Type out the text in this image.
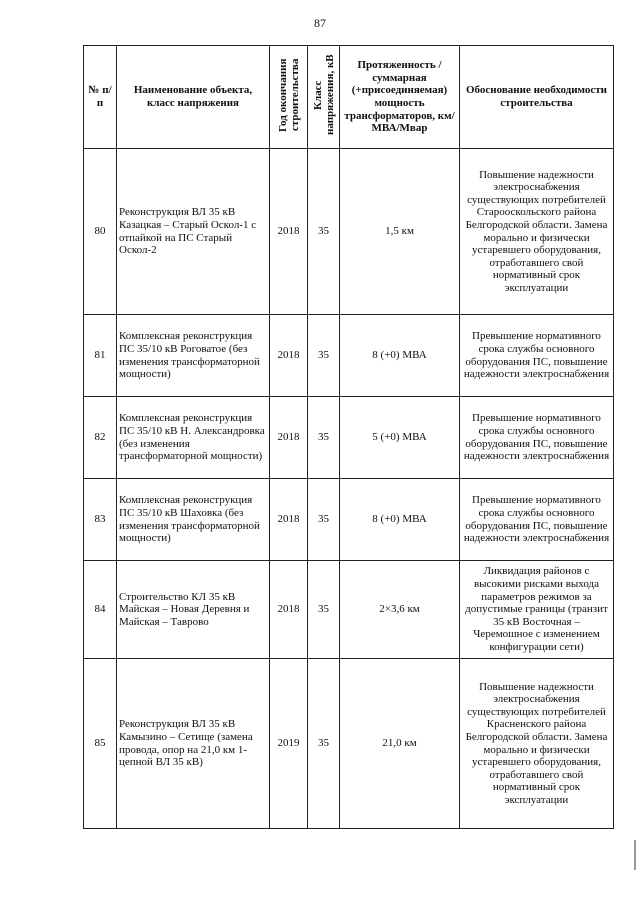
87
№ п/п	Наименование объекта, класс напряжения	Год окончания строительства	Класс напряжения, кВ	Протяженность / суммарная (+присоединяемая) мощность трансформаторов, км/МВА/Мвар	Обоснование необходимости строительства
80	Реконструкция ВЛ 35 кВ Казацкая – Старый Оскол-1 с отпайкой на ПС Старый Оскол-2	2018	35	1,5 км	Повышение надежности электроснабжения существующих потребителей Старооскольского района Белгородской области. Замена морально и физически устаревшего оборудования, отработавшего свой нормативный срок эксплуатации
81	Комплексная реконструкция ПС 35/10 кВ Роговатое (без изменения трансформаторной мощности)	2018	35	8 (+0) МВА	Превышение нормативного срока службы основного оборудования ПС, повышение надежности электроснабжения
82	Комплексная реконструкция ПС 35/10 кВ Н. Александровка (без изменения трансформаторной мощности)	2018	35	5 (+0) МВА	Превышение нормативного срока службы основного оборудования ПС, повышение надежности электроснабжения
83	Комплексная реконструкция ПС 35/10 кВ Шаховка (без изменения трансформаторной мощности)	2018	35	8 (+0) МВА	Превышение нормативного срока службы основного оборудования ПС, повышение надежности электроснабжения
84	Строительство КЛ 35 кВ Майская – Новая Деревня и Майская – Таврово	2018	35	2×3,6 км	Ликвидация районов с высокими рисками выхода параметров режимов за допустимые границы (транзит 35 кВ Восточная – Черемошное с изменением конфигурации сети)
85	Реконструкция ВЛ 35 кВ Камызино – Сетище (замена провода, опор на 21,0 км 1-цепной ВЛ 35 кВ)	2019	35	21,0 км	Повышение надежности электроснабжения существующих потребителей Красненского района Белгородской области. Замена морально и физически устаревшего оборудования, отработавшего свой нормативный срок эксплуатации
